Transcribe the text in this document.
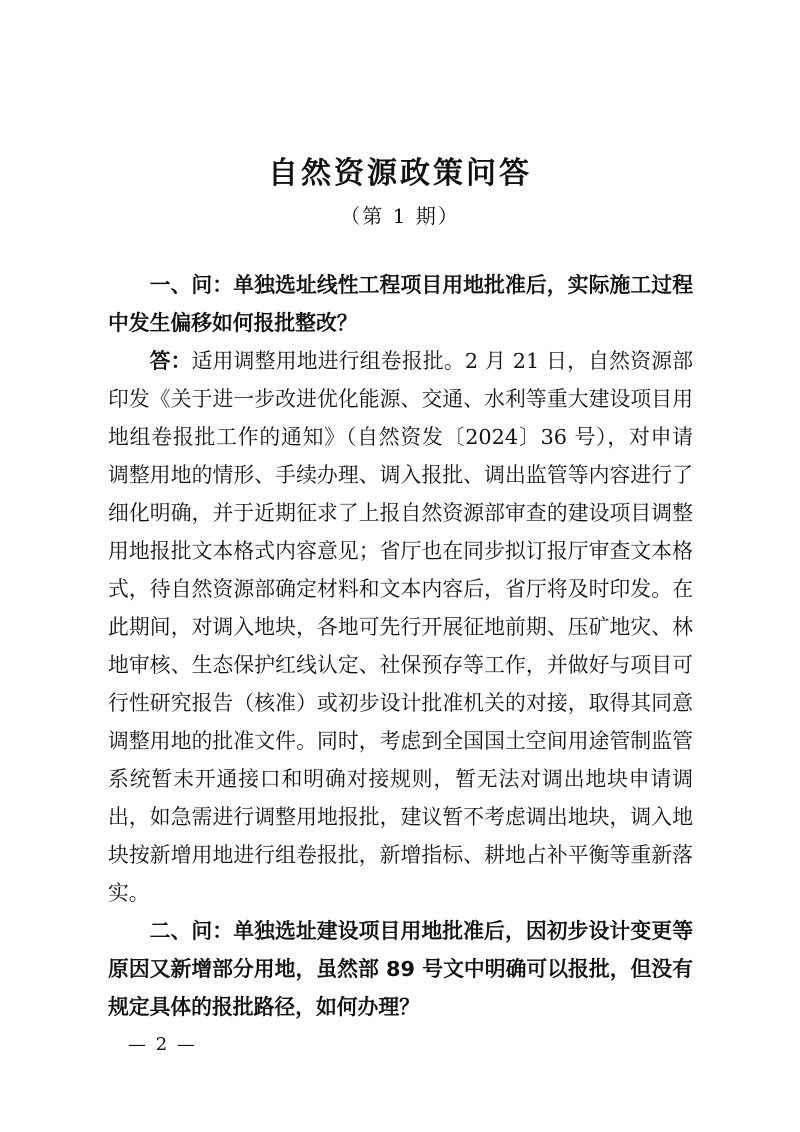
自然资源政策问答
（第 1 期）

一、问：单独选址线性工程项目用地批准后，实际施工过程中发生偏移如何报批整改？

答：适用调整用地进行组卷报批。2 月 21 日，自然资源部印发《关于进一步改进优化能源、交通、水利等重大建设项目用地组卷报批工作的通知》（自然资发〔2024〕36 号），对申请调整用地的情形、手续办理、调入报批、调出监管等内容进行了细化明确，并于近期征求了上报自然资源部审查的建设项目调整用地报批文本格式内容意见；省厅也在同步拟订报厅审查文本格式，待自然资源部确定材料和文本内容后，省厅将及时印发。在此期间，对调入地块，各地可先行开展征地前期、压矿地灾、林地审核、生态保护红线认定、社保预存等工作，并做好与项目可行性研究报告（核准）或初步设计批准机关的对接，取得其同意调整用地的批准文件。同时，考虑到全国国土空间用途管制监管系统暂未开通接口和明确对接规则，暂无法对调出地块申请调出，如急需进行调整用地报批，建议暂不考虑调出地块，调入地块按新增用地进行组卷报批，新增指标、耕地占补平衡等重新落实。

二、问：单独选址建设项目用地批准后，因初步设计变更等原因又新增部分用地，虽然部 89 号文中明确可以报批，但没有规定具体的报批路径，如何办理？

— 2 —
